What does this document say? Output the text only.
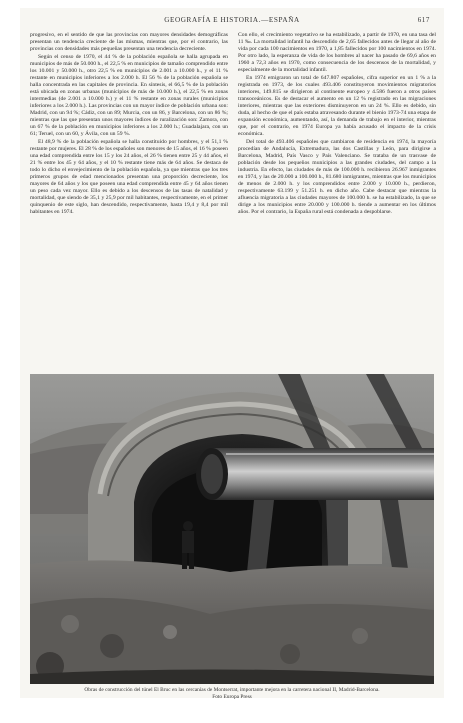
GEOGRAFÍA E HISTORIA.—ESPAÑA	617

progresivo, en el sentido de que las provincias con mayores densidades demográficas presentan un tendencia creciente de las mismas, mientras que, por el contrario, las provincias con densidades más pequeñas presentan una tendencia decreciente.

Según el censo de 1970, el 44 % de la población española se halla agrupada en municipios de más de 50.000 h., el 22,5 % en municipios de tamaño comprendido entre los 10.001 y 50.000 h., otro 22,5 % en municipios de 2.001 a 10.000 h., y el 11 % restante en municipios inferiores a los 2.000 h. El 56 % de la población española se halla concentrada en las capitales de provincia. En síntesis, el 66,5 % de la población está ubicada en zonas urbanas (municipios de más de 10.000 h.), el 22,5 % en zonas intermedias (de 2.001 a 10.000 h.) y el 11 % restante en zonas rurales (municipios inferiores a los 2.000 h.). Las provincias con un mayor índice de población urbana son: Madrid, con un 94 %; Cádiz, con un 89; Murcia, con un 86, y Barcelona, con un 86 %; mientras que las que presentan unos mayores índices de ruralización son: Zamora, con un 67 % de la población en municipios inferiores a los 2.000 h.; Guadalajara, con un 61; Teruel, con un 60, y Ávila, con un 59 %.

El 48,9 % de la población española se halla constituido por hombres, y el 51,1 % restante por mujeres. El 28 % de los españoles son menores de 15 años, el 16 % poseen una edad comprendida entre los 15 y los 24 años, el 26 % tienen entre 25 y 44 años, el 21 % entre los 45 y 64 años, y el 10 % restante tiene más de 64 años. Se destaca de todo lo dicho el envejecimiento de la población española, ya que mientras que los tres primeros grupos de edad mencionados presentan una proporción decreciente, los mayores de 64 años y los que poseen una edad comprendida entre 45 y 64 años tienen un peso cada vez mayor. Ello es debido a los descensos de las tasas de natalidad y mortalidad, que siendo de 35,1 y 25,9 por mil habitantes, respectivamente, en el primer quinquenio de este siglo, han descendido, respectivamente, hasta 19,4 y 8,4 por mil habitantes en 1974.

Con ello, el crecimiento vegetativo se ha estabilizado, a partir de 1970, en una tasa del 11 ‰. La mortalidad infantil ha descendido de 2,65 fallecidos antes de llegar al año de vida por cada 100 nacimientos en 1970, a 1,85 fallecidos por 100 nacimientos en 1974. Por otro lado, la esperanza de vida de los hombres al nacer ha pasado de 69,6 años en 1960 a 72,3 años en 1970, como consecuencia de los descensos de la mortalidad, y especialmente de la mortalidad infantil.

En 1974 emigraron un total de 647.807 españoles, cifra superior en un 1 % a la registrada en 1973, de los cuales 493.406 constituyeron movimientos migratorios interiores, 149.815 se dirigieron al continente europeo y 4.586 fueron a otros países transoceánicos. Es de destacar el aumento en un 12 % registrado en las migraciones interiores, mientras que las exteriores disminuyeron en un 24 %. Ello es debido, sin duda, al hecho de que el país estaba atravesando durante el bienio 1973-74 una etapa de expansión económica, aumentando, así, la demanda de trabajo en el interior, mientras que, por el contrario, en 1974 Europa ya había acusado el impacto de la crisis económica.

Del total de 493.406 españoles que cambiaron de residencia en 1974, la mayoría procedían de Andalucía, Extremadura, las dos Castillas y León, para dirigirse a Barcelona, Madrid, País Vasco y País Valenciano. Se trataba de un trasvase de población desde los pequeños municipios a las grandes ciudades, del campo a la industria. En efecto, las ciudades de más de 100.000 h. recibieron 26.967 inmigrantes en 1974, y las de 20.000 a 100.000 h., 81.680 inmigrantes, mientras que los municipios de menos de 2.000 h. y los comprendidos entre 2.000 y 10.000 h., perdieron, respectivamente 63.199 y 51.251 h. en dicho año. Cabe destacar que mientras la afluencia migratoria a las ciudades mayores de 100.000 h. se ha estabilizado, la que se dirige a los municipios entre 20.000 y 100.000 h. tiende a aumentar en los últimos años. Por el contrario, la España rural está condenada a despoblarse.

Obras de construcción del túnel El Bruc en las cercanías de Montserrat, importante mejora en la carretera nacional II, Madrid-Barcelona.
Foto Europa Press
